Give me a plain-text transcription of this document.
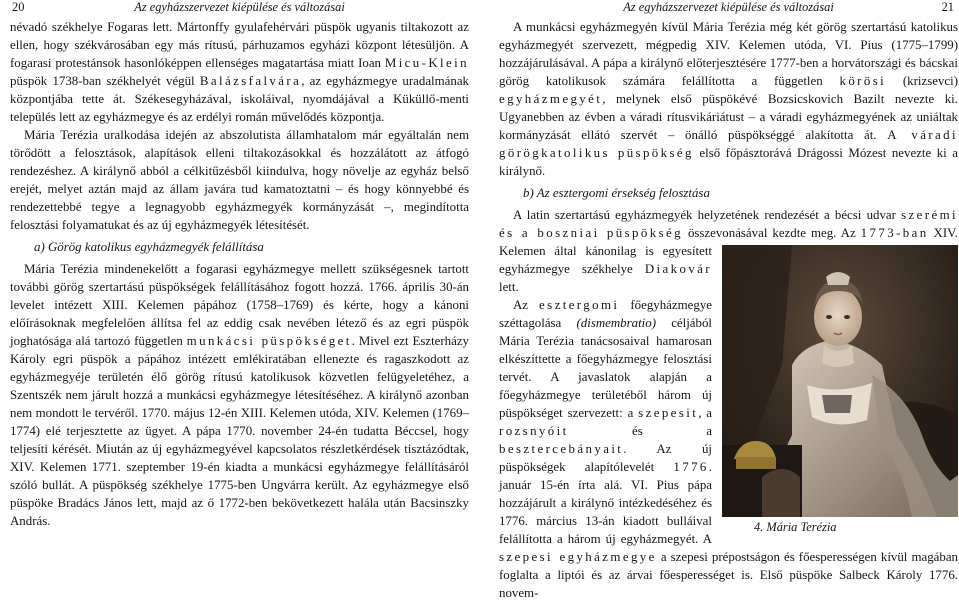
20	Az egyházszervezet kiépülése és változásai

névadó székhelye Fogaras lett. Mártonffy gyulafehérvári püspök ugyanis tiltakozott az ellen, hogy székvárosában egy más rítusú, párhuzamos egyházi központ létesüljön. A fogarasi protestánsok hasonlóképpen ellenséges magatartása miatt Ioan Micu-Klein püspök 1738-ban székhelyét végül Balázsfalvára, az egyházmegye uradalmának központjába tette át. Székesegyházával, iskoláival, nyomdájával a Küküllő-menti település lett az egyházmegye és az erdélyi román művelődés központja.

Mária Terézia uralkodása idején az abszolutista államhatalom már egyáltalán nem törődött a felosztások, alapítások elleni tiltakozásokkal és hozzálátott az átfogó rendezéshez. A királynő abból a célkitűzésből kiindulva, hogy növelje az egyház belső erejét, melyet aztán majd az állam javára tud kamatoztatni – és hogy könnyebbé és rendezettebbé tegye a legnagyobb egyházmegyék kormányzását –, megindította felosztási folyamatukat és az új egyházmegyék létesítését.

a) Görög katolikus egyházmegyék felállítása

Mária Terézia mindenekelőtt a fogarasi egyházmegye mellett szükségesnek tartott további görög szertartású püspökségek felállításához fogott hozzá. 1766. április 30-án levelet intézett XIII. Kelemen pápához (1758–1769) és kérte, hogy a kánoni előírásoknak megfelelően állítsa fel az eddig csak nevében létező és az egri püspök joghatósága alá tartozó független munkácsi püspökséget. Mivel ezt Eszterházy Károly egri püspök a pápához intézett emlékiratában ellenezte és ragaszkodott az egyházmegyéje területén élő görög rítusú katolikusok közvetlen felügyeletéhez, a Szentszék nem járult hozzá a munkácsi egyházmegye létesítéséhez. A királynő azonban nem mondott le tervéről. 1770. május 12-én XIII. Kelemen utóda, XIV. Kelemen (1769–1774) elé terjesztette az ügyet. A pápa 1770. november 24-én tudatta Béccsel, hogy teljesíti kérését. Miután az új egyházmegyével kapcsolatos részletkérdések tisztázódtak, XIV. Kelemen 1771. szeptember 19-én kiadta a munkácsi egyházmegye felállításáról szóló bullát. A püspökség székhelye 1775-ben Ungvárra került. Az egyházmegye első püspöke Bradács János lett, majd az ő 1772-ben bekövetkezett halála után Bacsinszky András.

Az egyházszervezet kiépülése és változásai	21

A munkácsi egyházmegyén kívül Mária Terézia még két görög szertartású katolikus egyházmegyét szervezett, mégpedig XIV. Kelemen utóda, VI. Pius (1775–1799) hozzájárulásával. A pápa a királynő előterjesztésére 1777-ben a horvátországi és bácskai görög katolikusok számára felállította a független körösi (krizsevci) egyházmegyét, melynek első püspökévé Bozsicskovich Bazilt nevezte ki. Ugyanebben az évben a váradi rítusvikáriátust – a váradi egyházmegyének az uniáltak kormányzását ellátó szervét – önálló püspökséggé alakította át. A váradi görögkatolikus püspökség első főpásztorává Drágossi Mózest nevezte ki a királynő.

b) Az esztergomi érsekség felosztása

A latin szertartású egyházmegyék helyzetének rendezését a bécsi udvar szerémi és a boszniai püspökség összevonásával kezdte meg. Az
4. Mária Terézia
1773-ban XIV. Kelemen által kánonilag is egyesített egyházmegye székhelye Diakovár lett.

Az esztergomi főegyházmegye széttagolása (dismembratio) céljából Mária Terézia tanácsosaival hamarosan elkészíttette a főegyházmegye felosztási tervét. A javaslatok alapján a főegyházmegye területéből három új püspökséget szervezett: a szepesit, a rozsnyóit és a besztercebányait. Az új püspökségek alapítólevelét 1776. január 15-én írta alá. VI. Pius pápa hozzájárult a királynő intézkedéséhez és 1776. március 13-án kiadott bulláival felállította a három új egyházmegyét. A szepesi egyházmegye a szepesi prépostságon és főesperességen kívül magában foglalta a liptói és az árvai főesperességet is. Első püspöke Salbeck Károly 1776. novem-
